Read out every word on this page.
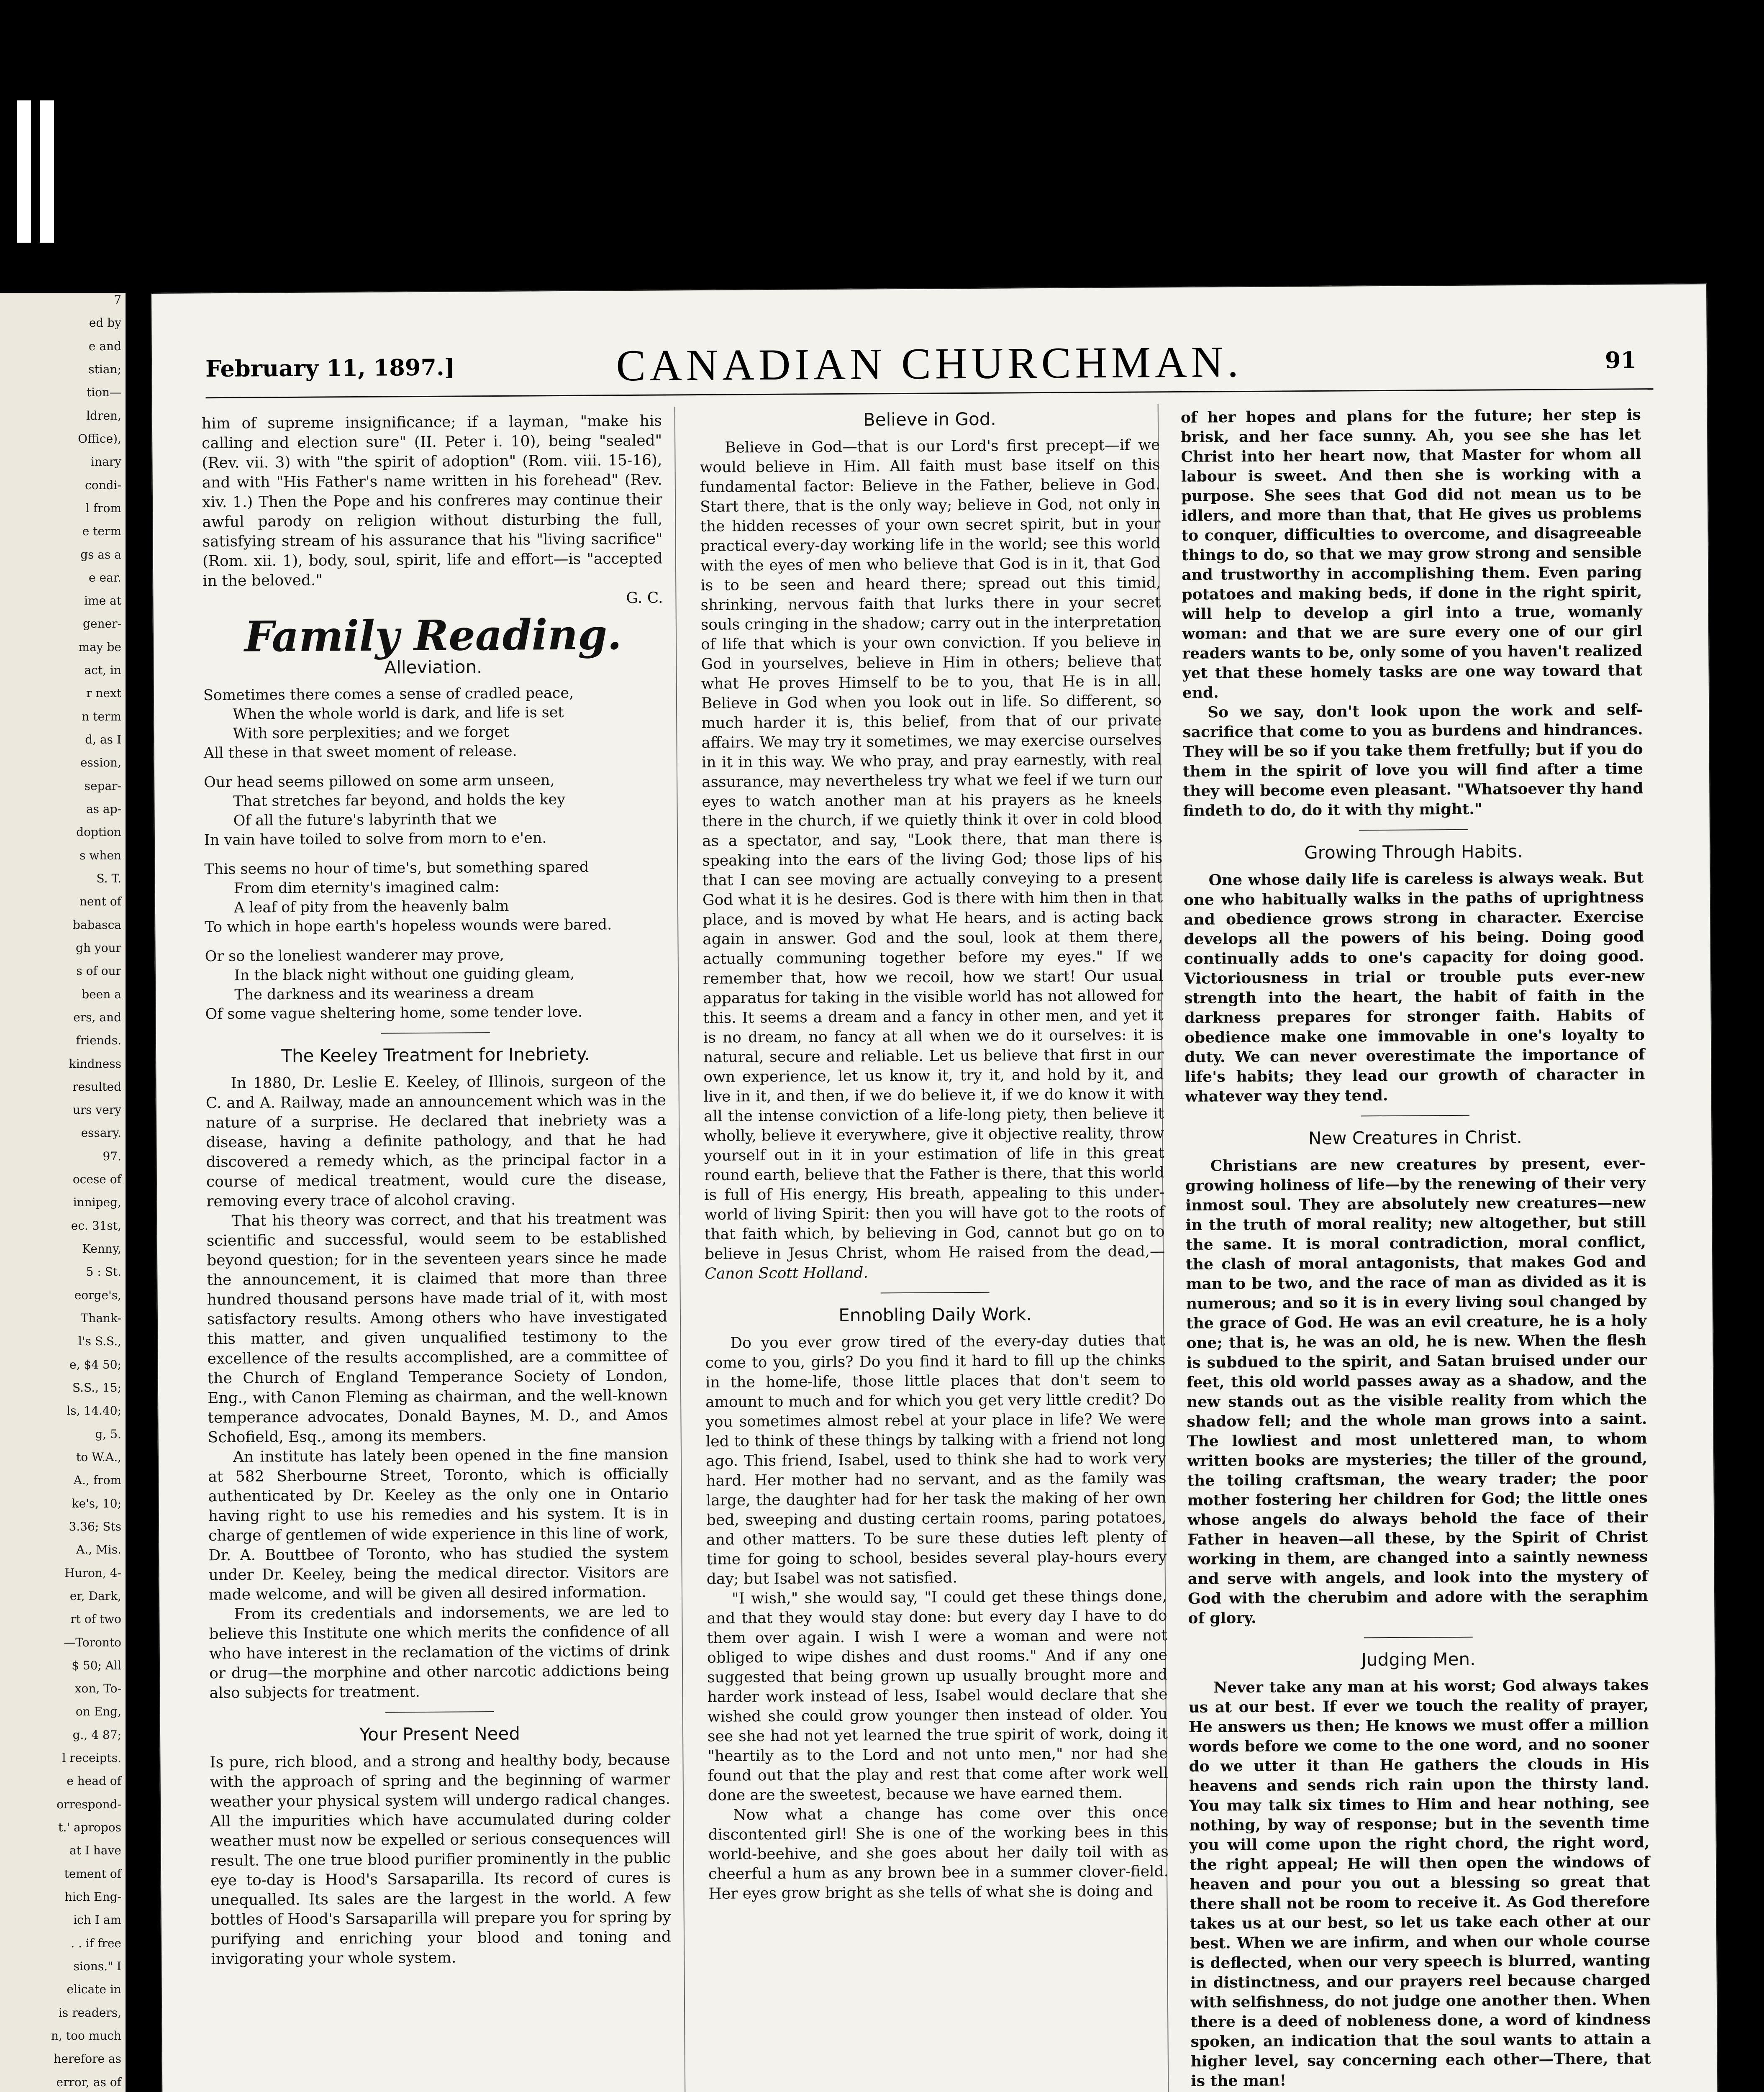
7
ed by
e and
stian;
tion—
ldren,
Office),
inary
condi-
l from
e term
gs as a
e ear.
ime at
gener-
may be
act, in
r next
n term
d, as I
ession,
separ-
as ap-
doption
s when
S. T.
nent of
babasca
gh your
s of our
been a
ers, and
friends.
kindness
resulted
urs very
essary.
97.
ocese of
innipeg,
ec. 31st,
Kenny,
5 : St.
eorge's,
Thank-
l's S.S.,
e, $4 50;
S.S., 15;
ls, 14.40;
g, 5.
to W.A.,
A., from
ke's, 10;
3.36; Sts
A., Mis.
Huron, 4-
er, Dark,
rt of two
—Toronto
$ 50; All
xon, To-
on Eng,
g., 4 87;
l receipts.
e head of
orrespond-
t.' apropos
at I have
tement of
hich Eng-
ich I am
. . if free
sions." I
elicate in
is readers,
n, too much
herefore as
error, as of
February 11, 1897.]	CANADIAN CHURCHMAN.	91

him of supreme insignificance; if a layman, "make his calling and election sure" (II. Peter i. 10), being "sealed" (Rev. vii. 3) with "the spirit of adoption" (Rom. viii. 15-16), and with "His Father's name written in his forehead" (Rev. xiv. 1.) Then the Pope and his confreres may continue their awful parody on religion without disturbing the full, satisfying stream of his assurance that his "living sacrifice" (Rom. xii. 1), body, soul, spirit, life and effort—is "accepted in the beloved."

G. C.
Family Reading.
Alleviation.
Sometimes there comes a sense of cradled peace,
When the whole world is dark, and life is set
With sore perplexities; and we forget
All these in that sweet moment of release.
Our head seems pillowed on some arm unseen,
That stretches far beyond, and holds the key
Of all the future's labyrinth that we
In vain have toiled to solve from morn to e'en.
This seems no hour of time's, but something spared
From dim eternity's imagined calm:
A leaf of pity from the heavenly balm
To which in hope earth's hopeless wounds were bared.
Or so the loneliest wanderer may prove,
In the black night without one guiding gleam,
The darkness and its weariness a dream
Of some vague sheltering home, some tender love.
The Keeley Treatment for Inebriety.

In 1880, Dr. Leslie E. Keeley, of Illinois, surgeon of the C. and A. Railway, made an announcement which was in the nature of a surprise. He declared that inebriety was a disease, having a definite pathology, and that he had discovered a remedy which, as the principal factor in a course of medical treatment, would cure the disease, removing every trace of alcohol craving.

That his theory was correct, and that his treatment was scientific and successful, would seem to be established beyond question; for in the seventeen years since he made the announcement, it is claimed that more than three hundred thousand persons have made trial of it, with most satisfactory results. Among others who have investigated this matter, and given unqualified testimony to the excellence of the results accomplished, are a committee of the Church of England Temperance Society of London, Eng., with Canon Fleming as chairman, and the well-known temperance advocates, Donald Baynes, M. D., and Amos Schofield, Esq., among its members.

An institute has lately been opened in the fine mansion at 582 Sherbourne Street, Toronto, which is officially authenticated by Dr. Keeley as the only one in Ontario having right to use his remedies and his system. It is in charge of gentlemen of wide experience in this line of work, Dr. A. Bouttbee of Toronto, who has studied the system under Dr. Keeley, being the medical director. Visitors are made welcome, and will be given all desired information.

From its credentials and indorsements, we are led to believe this Institute one which merits the confidence of all who have interest in the reclamation of the victims of drink or drug—the morphine and other narcotic addictions being also subjects for treatment.

Your Present Need

Is pure, rich blood, and a strong and healthy body, because with the approach of spring and the beginning of warmer weather your physical system will undergo radical changes. All the impurities which have accumulated during colder weather must now be expelled or serious consequences will result. The one true blood purifier prominently in the public eye to-day is Hood's Sarsaparilla. Its record of cures is unequalled. Its sales are the largest in the world. A few bottles of Hood's Sarsaparilla will prepare you for spring by purifying and enriching your blood and toning and invigorating your whole system.

Believe in God.

Believe in God—that is our Lord's first precept—if we would believe in Him. All faith must base itself on this fundamental factor: Believe in the Father, believe in God. Start there, that is the only way; believe in God, not only in the hidden recesses of your own secret spirit, but in your practical every-day working life in the world; see this world with the eyes of men who believe that God is in it, that God is to be seen and heard there; spread out this timid, shrinking, nervous faith that lurks there in your secret souls cringing in the shadow; carry out in the interpretation of life that which is your own conviction. If you believe in God in yourselves, believe in Him in others; believe that what He proves Himself to be to you, that He is in all. Believe in God when you look out in life. So different, so much harder it is, this belief, from that of our private affairs. We may try it sometimes, we may exercise ourselves in it in this way. We who pray, and pray earnestly, with real assurance, may nevertheless try what we feel if we turn our eyes to watch another man at his prayers as he kneels there in the church, if we quietly think it over in cold blood as a spectator, and say, "Look there, that man there is speaking into the ears of the living God; those lips of his that I can see moving are actually conveying to a present God what it is he desires. God is there with him then in that place, and is moved by what He hears, and is acting back again in answer. God and the soul, look at them there, actually communing together before my eyes." If we remember that, how we recoil, how we start! Our usual apparatus for taking in the visible world has not allowed for this. It seems a dream and a fancy in other men, and yet it is no dream, no fancy at all when we do it ourselves: it is natural, secure and reliable. Let us believe that first in our own experience, let us know it, try it, and hold by it, and live in it, and then, if we do believe it, if we do know it with all the intense conviction of a life-long piety, then believe it wholly, believe it everywhere, give it objective reality, throw yourself out in it in your estimation of life in this great round earth, believe that the Father is there, that this world is full of His energy, His breath, appealing to this under-world of living Spirit: then you will have got to the roots of that faith which, by believing in God, cannot but go on to believe in Jesus Christ, whom He raised from the dead,—Canon Scott Holland.

Ennobling Daily Work.

Do you ever grow tired of the every-day duties that come to you, girls? Do you find it hard to fill up the chinks in the home-life, those little places that don't seem to amount to much and for which you get very little credit? Do you sometimes almost rebel at your place in life? We were led to think of these things by talking with a friend not long ago. This friend, Isabel, used to think she had to work very hard. Her mother had no servant, and as the family was large, the daughter had for her task the making of her own bed, sweeping and dusting certain rooms, paring potatoes, and other matters. To be sure these duties left plenty of time for going to school, besides several play-hours every day; but Isabel was not satisfied.

"I wish," she would say, "I could get these things done, and that they would stay done: but every day I have to do them over again. I wish I were a woman and were not obliged to wipe dishes and dust rooms." And if any one suggested that being grown up usually brought more and harder work instead of less, Isabel would declare that she wished she could grow younger then instead of older. You see she had not yet learned the true spirit of work, doing it "heartily as to the Lord and not unto men," nor had she found out that the play and rest that come after work well done are the sweetest, because we have earned them.

Now what a change has come over this once discontented girl! She is one of the working bees in this world-beehive, and she goes about her daily toil with as cheerful a hum as any brown bee in a summer clover-field. Her eyes grow bright as she tells of what she is doing and

of her hopes and plans for the future; her step is brisk, and her face sunny. Ah, you see she has let Christ into her heart now, that Master for whom all labour is sweet. And then she is working with a purpose. She sees that God did not mean us to be idlers, and more than that, that He gives us problems to conquer, difficulties to overcome, and disagreeable things to do, so that we may grow strong and sensible and trustworthy in accomplishing them. Even paring potatoes and making beds, if done in the right spirit, will help to develop a girl into a true, womanly woman: and that we are sure every one of our girl readers wants to be, only some of you haven't realized yet that these homely tasks are one way toward that end.

So we say, don't look upon the work and self-sacrifice that come to you as burdens and hindrances. They will be so if you take them fretfully; but if you do them in the spirit of love you will find after a time they will become even pleasant. "Whatsoever thy hand findeth to do, do it with thy might."

Growing Through Habits.

One whose daily life is careless is always weak. But one who habitually walks in the paths of uprightness and obedience grows strong in character. Exercise develops all the powers of his being. Doing good continually adds to one's capacity for doing good. Victoriousness in trial or trouble puts ever-new strength into the heart, the habit of faith in the darkness prepares for stronger faith. Habits of obedience make one immovable in one's loyalty to duty. We can never overestimate the importance of life's habits; they lead our growth of character in whatever way they tend.

New Creatures in Christ.

Christians are new creatures by present, ever-growing holiness of life—by the renewing of their very inmost soul. They are absolutely new creatures—new in the truth of moral reality; new altogether, but still the same. It is moral contradiction, moral conflict, the clash of moral antagonists, that makes God and man to be two, and the race of man as divided as it is numerous; and so it is in every living soul changed by the grace of God. He was an evil creature, he is a holy one; that is, he was an old, he is new. When the flesh is subdued to the spirit, and Satan bruised under our feet, this old world passes away as a shadow, and the new stands out as the visible reality from which the shadow fell; and the whole man grows into a saint. The lowliest and most unlettered man, to whom written books are mysteries; the tiller of the ground, the toiling craftsman, the weary trader; the poor mother fostering her children for God; the little ones whose angels do always behold the face of their Father in heaven—all these, by the Spirit of Christ working in them, are changed into a saintly newness and serve with angels, and look into the mystery of God with the cherubim and adore with the seraphim of glory.

Judging Men.

Never take any man at his worst; God always takes us at our best. If ever we touch the reality of prayer, He answers us then; He knows we must offer a million words before we come to the one word, and no sooner do we utter it than He gathers the clouds in His heavens and sends rich rain upon the thirsty land. You may talk six times to Him and hear nothing, see nothing, by way of response; but in the seventh time you will come upon the right chord, the right word, the right appeal; He will then open the windows of heaven and pour you out a blessing so great that there shall not be room to receive it. As God therefore takes us at our best, so let us take each other at our best. When we are infirm, and when our whole course is deflected, when our very speech is blurred, wanting in distinctness, and our prayers reel because charged with selfishness, do not judge one another then. When there is a deed of nobleness done, a word of kindness spoken, an indication that the soul wants to attain a higher level, say concerning each other—There, that is the man!
